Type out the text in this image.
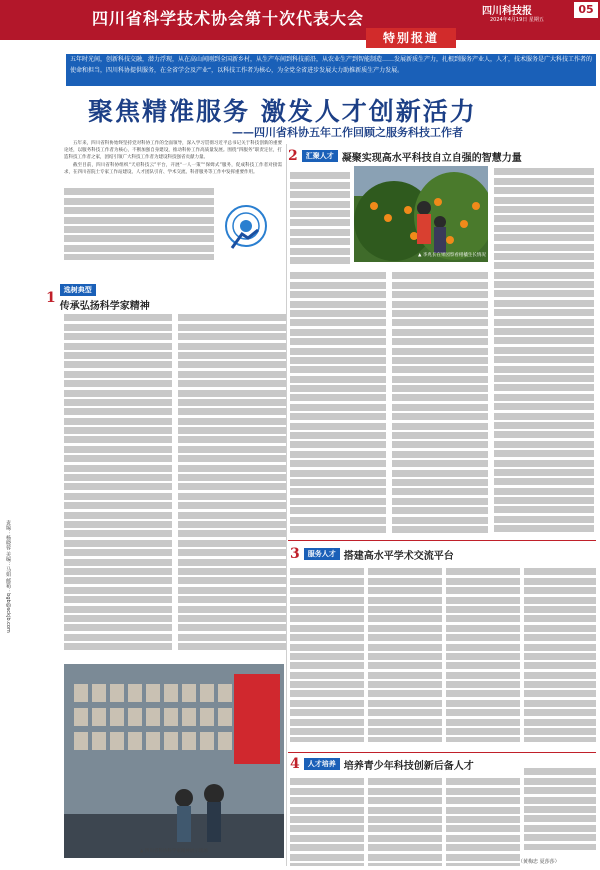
四川省科学技术协会第十次代表大会	四川科技报
2024年4月19日 星期五
05
特别报道
责编：杨晓蓉 美编：马娟 邮箱：bgb@sckjb.com
五年时光间，创新科技交融，潜力浮现，从在高山间刚到全国新乡村，从生产车间到科技前沿，从农业生产到智能制造……发展新质生产力，扎根到服务产业人，人才，技术服务是广大科技工作者的使命和担当，四川科协提供服务，在全省学会及产业“，以科技工作者为核心，为全党全省进步发展大力助推新质生产力发展。
聚焦精准服务 激发人才创新活力
——四川省科协五年工作回顾之服务科技工作者

五年来，四川省科协始终坚持党对科协工作的全面领导，深入学习贯彻习近平总书记关于科技创新的重要论述，以服务科技工作者为核心，不断加强自身建设，推动科协工作高质量发展。围绕“四服务”职责定位，打造科技工作者之家，团结引领广大科技工作者为建设科技强省贡献力量。

截至目前，四川省科协组织“天府科技云”平台，开展“一人一策”“保姆式”服务，促成科技工作者对接需求，在四川省院士专家工作站建设、人才团队引育、学术交流、科普服务等工作中发挥重要作用。

1	选树典型
传承弘扬科学家精神
▲ 四川省科协科学家精神展示现场
2	汇聚人才 凝聚实现高水平科技自立自强的智慧力量
▲ 李兆长在果园察看柑橘生长情况
3	服务人才 搭建高水平学术交流平台
4	人才培养 培养青少年科技创新后备人才
（黄梅忠 夏莎莎）
